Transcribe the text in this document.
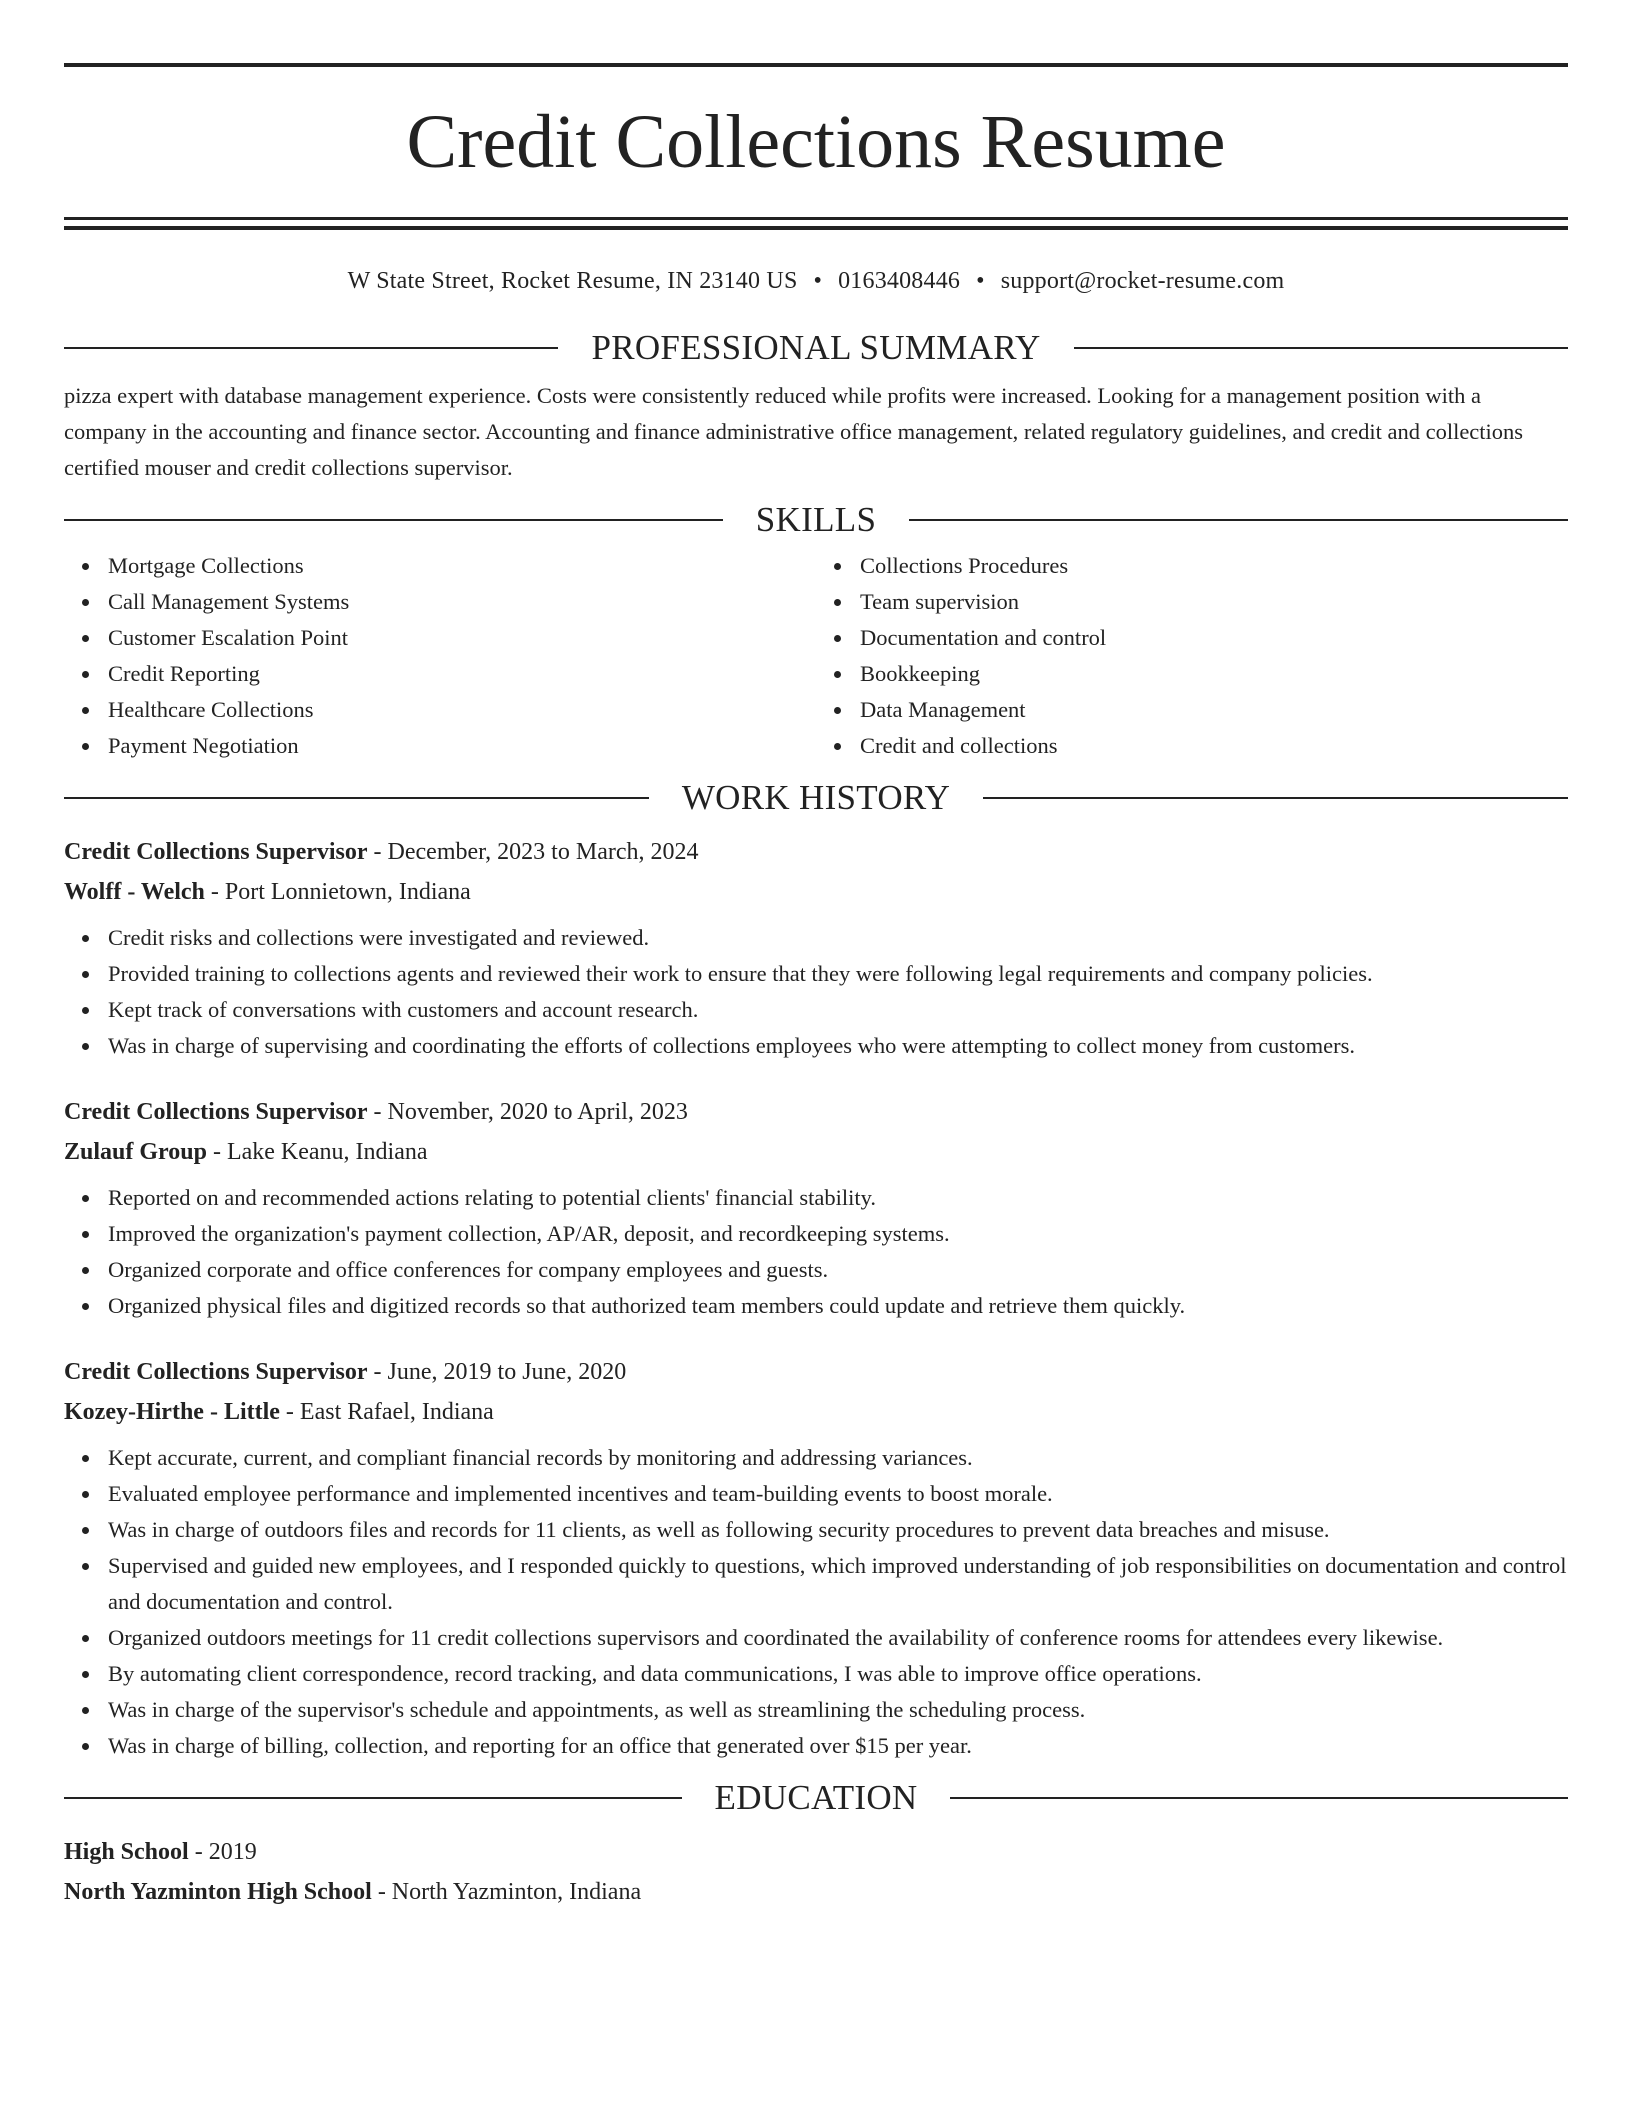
Credit Collections Resume
W State Street, Rocket Resume, IN 23140 US • 0163408446 • support@rocket-resume.com
PROFESSIONAL SUMMARY
pizza expert with database management experience. Costs were consistently reduced while profits were increased. Looking for a management position with a company in the accounting and finance sector. Accounting and finance administrative office management, related regulatory guidelines, and credit and collections certified mouser and credit collections supervisor.
SKILLS
Mortgage Collections
Call Management Systems
Customer Escalation Point
Credit Reporting
Healthcare Collections
Payment Negotiation
Collections Procedures
Team supervision
Documentation and control
Bookkeeping
Data Management
Credit and collections
WORK HISTORY
Credit Collections Supervisor - December, 2023 to March, 2024
Wolff - Welch - Port Lonnietown, Indiana
Credit risks and collections were investigated and reviewed.
Provided training to collections agents and reviewed their work to ensure that they were following legal requirements and company policies.
Kept track of conversations with customers and account research.
Was in charge of supervising and coordinating the efforts of collections employees who were attempting to collect money from customers.
Credit Collections Supervisor - November, 2020 to April, 2023
Zulauf Group - Lake Keanu, Indiana
Reported on and recommended actions relating to potential clients' financial stability.
Improved the organization's payment collection, AP/AR, deposit, and recordkeeping systems.
Organized corporate and office conferences for company employees and guests.
Organized physical files and digitized records so that authorized team members could update and retrieve them quickly.
Credit Collections Supervisor - June, 2019 to June, 2020
Kozey-Hirthe - Little - East Rafael, Indiana
Kept accurate, current, and compliant financial records by monitoring and addressing variances.
Evaluated employee performance and implemented incentives and team-building events to boost morale.
Was in charge of outdoors files and records for 11 clients, as well as following security procedures to prevent data breaches and misuse.
Supervised and guided new employees, and I responded quickly to questions, which improved understanding of job responsibilities on documentation and control and documentation and control.
Organized outdoors meetings for 11 credit collections supervisors and coordinated the availability of conference rooms for attendees every likewise.
By automating client correspondence, record tracking, and data communications, I was able to improve office operations.
Was in charge of the supervisor's schedule and appointments, as well as streamlining the scheduling process.
Was in charge of billing, collection, and reporting for an office that generated over $15 per year.
EDUCATION
High School - 2019
North Yazminton High School - North Yazminton, Indiana
